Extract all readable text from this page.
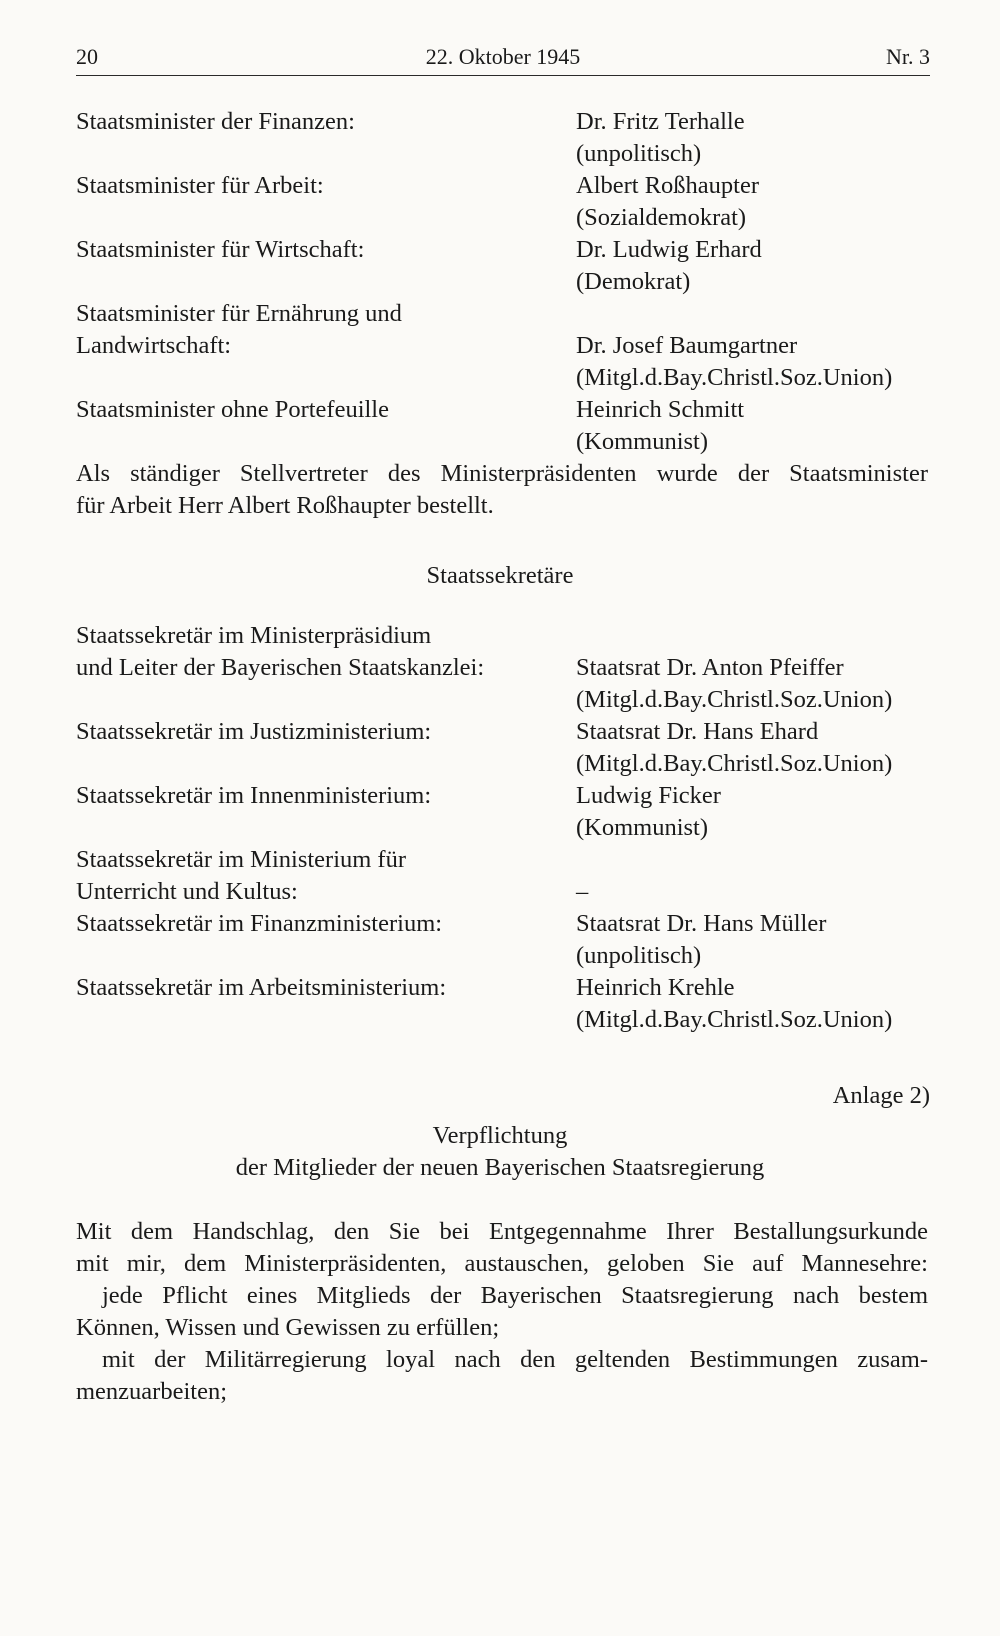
20	22. Oktober 1945	Nr. 3
Staatsminister der Finanzen:	Dr. Fritz Terhalle
(unpolitisch)
Staatsminister für Arbeit:	Albert Roßhaupter
(Sozialdemokrat)
Staatsminister für Wirtschaft:	Dr. Ludwig Erhard
(Demokrat)
Staatsminister für Ernährung und
Landwirtschaft:	Dr. Josef Baumgartner
(Mitgl.d.Bay.Christl.Soz.Union)
Staatsminister ohne Portefeuille	Heinrich Schmitt
(Kommunist)
Als ständiger Stellvertreter des Ministerpräsidenten wurde der Staatsminister
für Arbeit Herr Albert Roßhaupter bestellt.
Staatssekretäre
Staatssekretär im Ministerpräsidium
und Leiter der Bayerischen Staatskanzlei:	Staatsrat Dr. Anton Pfeiffer
(Mitgl.d.Bay.Christl.Soz.Union)
Staatssekretär im Justizministerium:	Staatsrat Dr. Hans Ehard
(Mitgl.d.Bay.Christl.Soz.Union)
Staatssekretär im Innenministerium:	Ludwig Ficker
(Kommunist)
Staatssekretär im Ministerium für
Unterricht und Kultus:	–
Staatssekretär im Finanzministerium:	Staatsrat Dr. Hans Müller
(unpolitisch)
Staatssekretär im Arbeitsministerium:	Heinrich Krehle
(Mitgl.d.Bay.Christl.Soz.Union)
Anlage 2)
Verpflichtung
der Mitglieder der neuen Bayerischen Staatsregierung
Mit dem Handschlag, den Sie bei Entgegennahme Ihrer Bestallungsurkunde
mit mir, dem Ministerpräsidenten, austauschen, geloben Sie auf Mannesehre:
jede Pflicht eines Mitglieds der Bayerischen Staatsregierung nach bestem
Können, Wissen und Gewissen zu erfüllen;
mit der Militärregierung loyal nach den geltenden Bestimmungen zusam-
menzuarbeiten;
